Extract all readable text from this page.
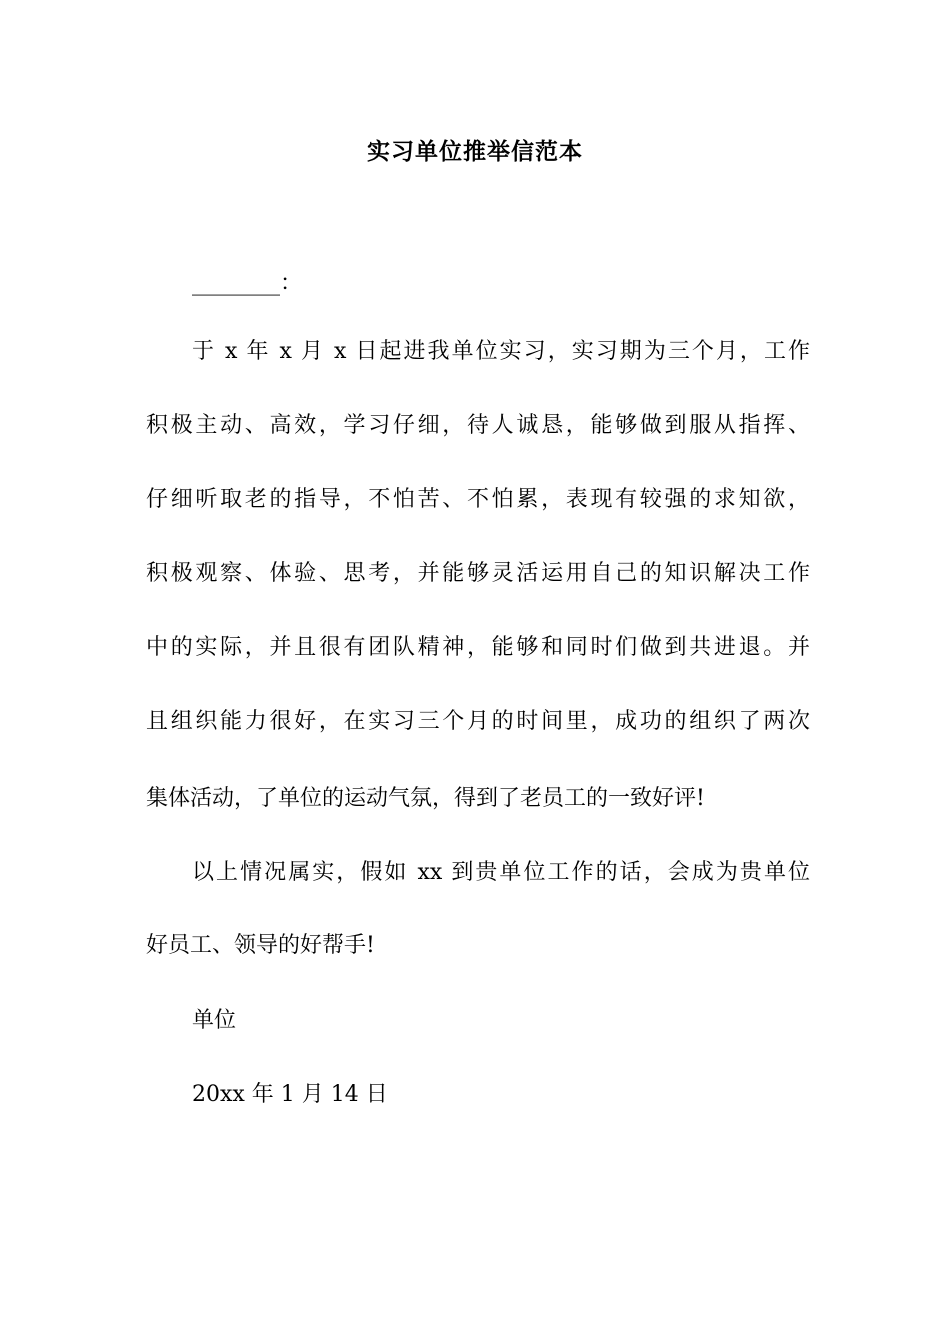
实习单位推举信范本
________：
于 x 年 x 月 x 日起进我单位实习，实习期为三个月，工作
积极主动、高效，学习仔细，待人诚恳，能够做到服从指挥、
仔细听取老的指导，不怕苦、不怕累，表现有较强的求知欲，
积极观察、体验、思考，并能够灵活运用自己的知识解决工作
中的实际，并且很有团队精神，能够和同时们做到共进退。并
且组织能力很好，在实习三个月的时间里，成功的组织了两次
集体活动，了单位的运动气氛，得到了老员工的一致好评!
以上情况属实，假如 xx 到贵单位工作的话，会成为贵单位
好员工、领导的好帮手!
单位
20xx 年 1 月 14 日
